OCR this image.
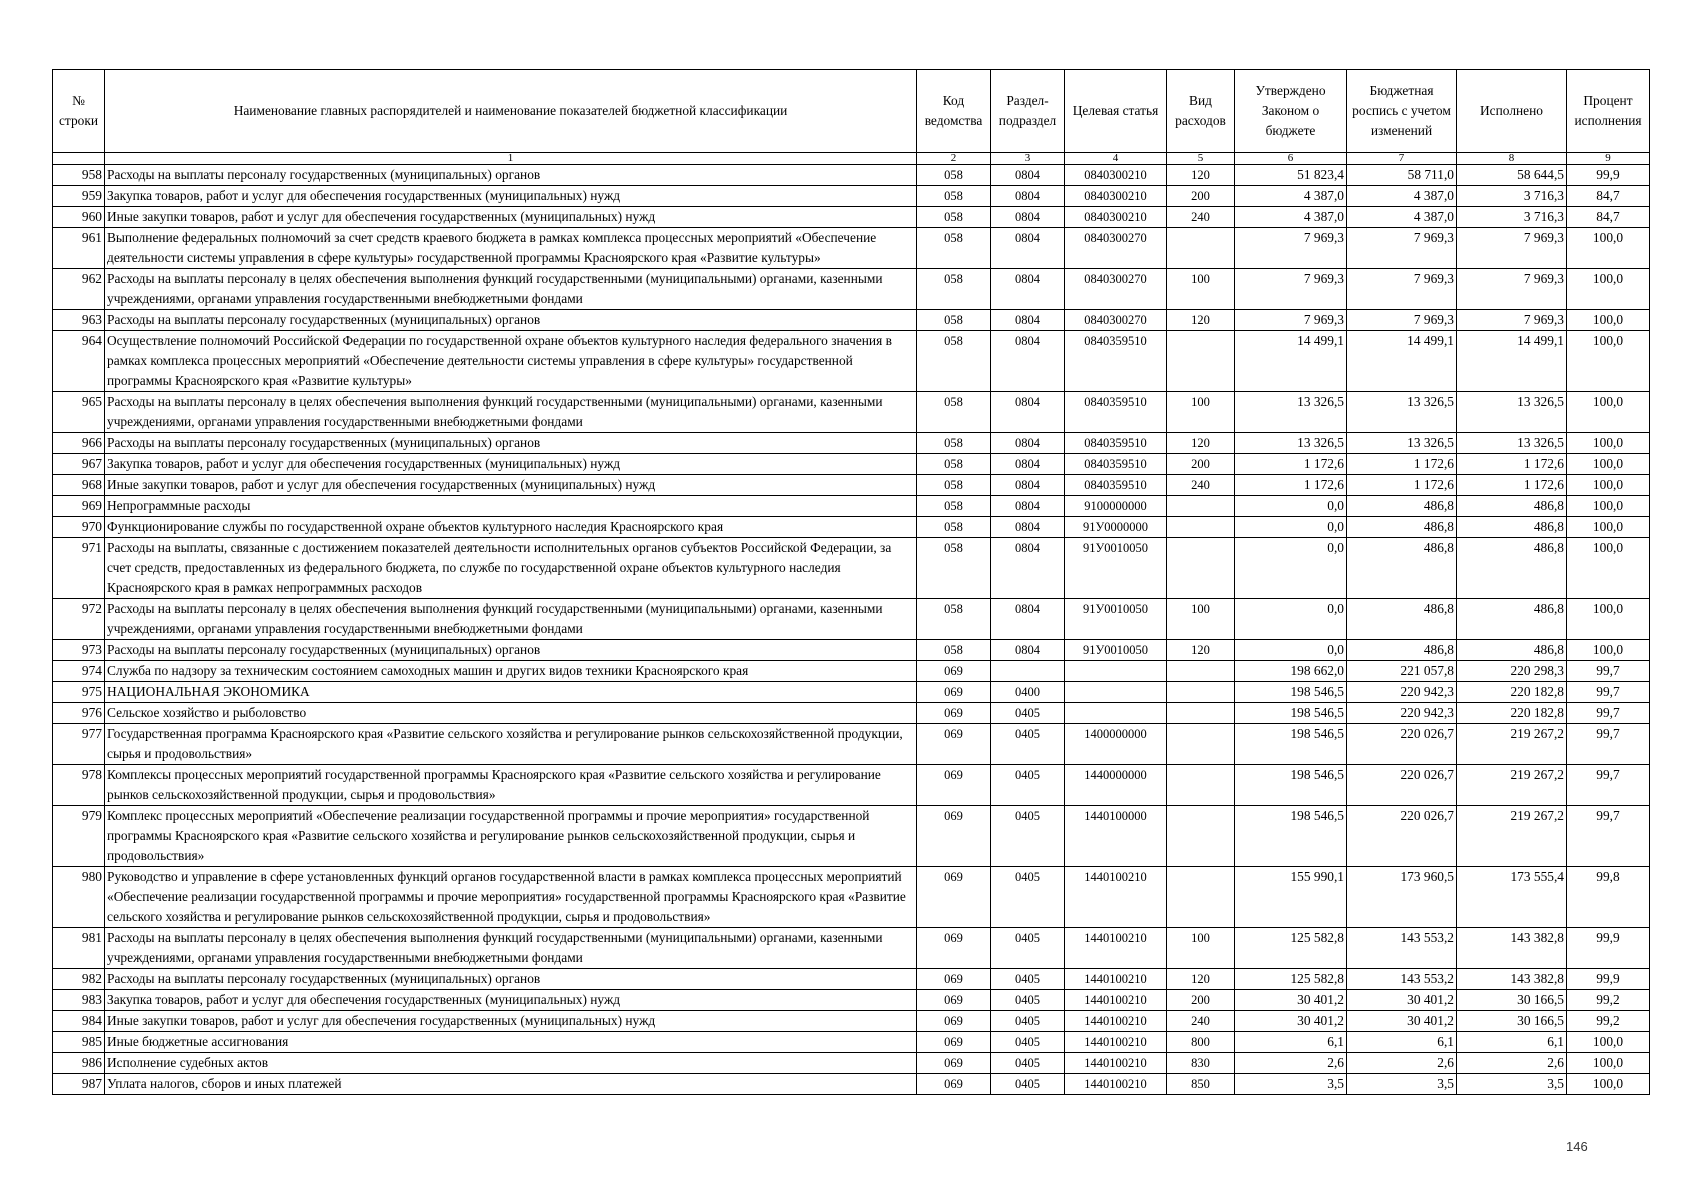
№ строки	Наименование главных распорядителей и наименование показателей бюджетной классификации	Код ведомства	Раздел-подраздел	Целевая статья	Вид расходов	Утверждено Законом о бюджете	Бюджетная роспись с учетом изменений	Исполнено	Процент исполнения
	1	2	3	4	5	6	7	8	9
958	Расходы на выплаты персоналу государственных (муниципальных) органов	058	0804	0840300210	120	51 823,4	58 711,0	58 644,5	99,9
959	Закупка товаров, работ и услуг для обеспечения государственных (муниципальных) нужд	058	0804	0840300210	200	4 387,0	4 387,0	3 716,3	84,7
960	Иные закупки товаров, работ и услуг для обеспечения государственных (муниципальных) нужд	058	0804	0840300210	240	4 387,0	4 387,0	3 716,3	84,7
961	Выполнение федеральных полномочий за счет средств краевого бюджета в рамках комплекса процессных мероприятий «Обеспечение деятельности системы управления в сфере культуры» государственной программы Красноярского края «Развитие культуры»	058	0804	0840300270		7 969,3	7 969,3	7 969,3	100,0
962	Расходы на выплаты персоналу в целях обеспечения выполнения функций государственными (муниципальными) органами, казенными учреждениями, органами управления государственными внебюджетными фондами	058	0804	0840300270	100	7 969,3	7 969,3	7 969,3	100,0
963	Расходы на выплаты персоналу государственных (муниципальных) органов	058	0804	0840300270	120	7 969,3	7 969,3	7 969,3	100,0
964	Осуществление полномочий Российской Федерации по государственной охране объектов культурного наследия федерального значения в рамках комплекса процессных мероприятий «Обеспечение деятельности системы управления в сфере культуры» государственной программы Красноярского края «Развитие культуры»	058	0804	0840359510		14 499,1	14 499,1	14 499,1	100,0
965	Расходы на выплаты персоналу в целях обеспечения выполнения функций государственными (муниципальными) органами, казенными учреждениями, органами управления государственными внебюджетными фондами	058	0804	0840359510	100	13 326,5	13 326,5	13 326,5	100,0
966	Расходы на выплаты персоналу государственных (муниципальных) органов	058	0804	0840359510	120	13 326,5	13 326,5	13 326,5	100,0
967	Закупка товаров, работ и услуг для обеспечения государственных (муниципальных) нужд	058	0804	0840359510	200	1 172,6	1 172,6	1 172,6	100,0
968	Иные закупки товаров, работ и услуг для обеспечения государственных (муниципальных) нужд	058	0804	0840359510	240	1 172,6	1 172,6	1 172,6	100,0
969	Непрограммные расходы	058	0804	9100000000		0,0	486,8	486,8	100,0
970	Функционирование службы по государственной охране объектов культурного наследия Красноярского края	058	0804	91У0000000		0,0	486,8	486,8	100,0
971	Расходы на выплаты, связанные с достижением показателей деятельности исполнительных органов субъектов Российской Федерации, за счет средств, предоставленных из федерального бюджета, по службе по государственной охране объектов культурного наследия Красноярского края в рамках непрограммных расходов	058	0804	91У0010050		0,0	486,8	486,8	100,0
972	Расходы на выплаты персоналу в целях обеспечения выполнения функций государственными (муниципальными) органами, казенными учреждениями, органами управления государственными внебюджетными фондами	058	0804	91У0010050	100	0,0	486,8	486,8	100,0
973	Расходы на выплаты персоналу государственных (муниципальных) органов	058	0804	91У0010050	120	0,0	486,8	486,8	100,0
974	Служба по надзору за техническим состоянием самоходных машин и других видов техники Красноярского края	069				198 662,0	221 057,8	220 298,3	99,7
975	НАЦИОНАЛЬНАЯ ЭКОНОМИКА	069	0400			198 546,5	220 942,3	220 182,8	99,7
976	Сельское хозяйство и рыболовство	069	0405			198 546,5	220 942,3	220 182,8	99,7
977	Государственная программа Красноярского края «Развитие сельского хозяйства и регулирование рынков сельскохозяйственной продукции, сырья и продовольствия»	069	0405	1400000000		198 546,5	220 026,7	219 267,2	99,7
978	Комплексы процессных мероприятий государственной программы Красноярского края «Развитие сельского хозяйства и регулирование рынков сельскохозяйственной продукции, сырья и продовольствия»	069	0405	1440000000		198 546,5	220 026,7	219 267,2	99,7
979	Комплекс процессных мероприятий «Обеспечение реализации государственной программы и прочие мероприятия» государственной программы Красноярского края «Развитие сельского хозяйства и регулирование рынков сельскохозяйственной продукции, сырья и продовольствия»	069	0405	1440100000		198 546,5	220 026,7	219 267,2	99,7
980	Руководство и управление в сфере установленных функций органов государственной власти в рамках комплекса процессных мероприятий «Обеспечение реализации государственной программы и прочие мероприятия» государственной программы Красноярского края «Развитие сельского хозяйства и регулирование рынков сельскохозяйственной продукции, сырья и продовольствия»	069	0405	1440100210		155 990,1	173 960,5	173 555,4	99,8
981	Расходы на выплаты персоналу в целях обеспечения выполнения функций государственными (муниципальными) органами, казенными учреждениями, органами управления государственными внебюджетными фондами	069	0405	1440100210	100	125 582,8	143 553,2	143 382,8	99,9
982	Расходы на выплаты персоналу государственных (муниципальных) органов	069	0405	1440100210	120	125 582,8	143 553,2	143 382,8	99,9
983	Закупка товаров, работ и услуг для обеспечения государственных (муниципальных) нужд	069	0405	1440100210	200	30 401,2	30 401,2	30 166,5	99,2
984	Иные закупки товаров, работ и услуг для обеспечения государственных (муниципальных) нужд	069	0405	1440100210	240	30 401,2	30 401,2	30 166,5	99,2
985	Иные бюджетные ассигнования	069	0405	1440100210	800	6,1	6,1	6,1	100,0
986	Исполнение судебных актов	069	0405	1440100210	830	2,6	2,6	2,6	100,0
987	Уплата налогов, сборов и иных платежей	069	0405	1440100210	850	3,5	3,5	3,5	100,0
146
